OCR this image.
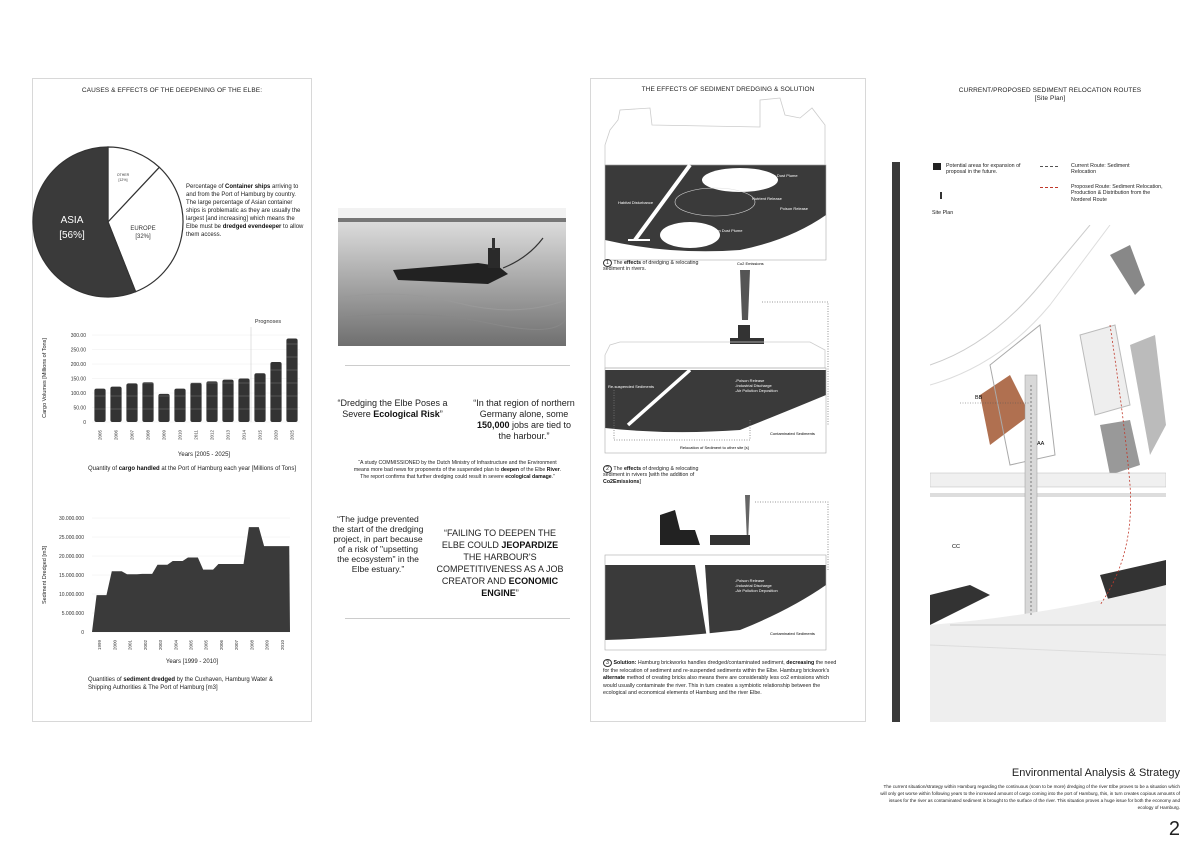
CAUSES & EFFECTS OF THE DEEPENING OF THE ELBE:
ASIA
[56%]
EUROPE
[32%]
OTHER
[12%]
Percentage of Container ships arriving to and from the Port of Hamburg by country. The large percentage of Asian container ships is problematic as they are usually the largest [and increasing] which means the Elbe must be dredged evendeeper to allow them access.
0
50.00
100.00
150.00
200.00
250.00
300.00
2005 2006 2007 2008 2009 2010 2011 2012 2013 2014 2015 2020 2025
Prognoses
Years [2005 - 2025]
Cargo Volumes [Millions of Tons]
Quantity of cargo handled at the Port of Hamburg each year [Millions of Tons]
0
5.000.000
10.000.000
15.000.000
20.000.000
25.000.000
30.000.000
1999 2000 2001 2002 2003 2004 2005 2005 2006 2007 2008 2009 2010
Years [1999 - 2010]
Sediment Dredged [m3]
Quantities of sediment dredged by the Cuxhaven, Hamburg Water & Shipping Authorities & The Port of Hamburg [m3]
“Dredging the Elbe Poses a Severe Ecological Risk”
“In that region of northern Germany alone, some 150,000 jobs are tied to the harbour.”
“A study COMMISSIONED by the Dutch Ministry of Infrastructure and the Environment means more bad news for proponents of the suspended plan to deepen of the Elbe River. The report confirms that further dredging could result in severe ecological damage.”
“The judge prevented the start of the dredging project, in part because of a risk of "upsetting the ecosystem" in the Elbe estuary.”
“FAILING TO DEEPEN THE ELBE COULD JEOPARDIZE THE HARBOUR'S COMPETITIVENESS AS A JOB CREATOR AND ECONOMIC ENGINE”
THE EFFECTS OF SEDIMENT DREDGING & SOLUTION
Habitat Disturbance
Surface Dust Plume
Nutrient Release
Poison Release
Bottom Dust Plume
Co2 Emissions
Re-suspended Sediments
-Poison Release -Industrial Discharge -Air Pollution Deposition
Contaminated Sediments
Relocation of Sediment to other site [s]
-Poison Release -Industrial Discharge -Air Pollution Deposition
Contaminated Sediments
1 The effects of dredging & relocating sediment in rivers.
2 The effects of dredging & relocating sediment in rvivers [with the addition of Co2Emissions]
3 Solution: Hamburg brickworks handles dredged/contaminated sediment, decreasing the need for the relocation of sediment and re-suspended sediments within the Elbe. Hamburg brickwork's alternate method of creating bricks also means there are considerably less co2 emissions which would usually contaminate the river. This in turn creates a symbiotic relationship between the ecological and economical elements of Hamburg and the river Elbe.
CURRENT/PROPOSED SEDIMENT RELOCATION ROUTES
[Site Plan]
Potential areas for expansion of proposal in the future.
Site Plan
Current Route: Sediment Relocation
Proposed Route: Sediment Relocation, Production & Distribution from the Norderel Route
BB
AA
CC
Environmental Analysis & Strategy
The current situation/strategy within Hamburg regarding the continuous (soon to be more) dredging of the river Elbe proves to be a situation which will only get worse within following years to the increased amount of cargo coming into the port of Hamburg, this, in turn creates copious amounts of issues for the river as contaminated sediment is brought to the surface of the river. This situation proves a huge issue for both the economy and ecology of Hamburg.
2
